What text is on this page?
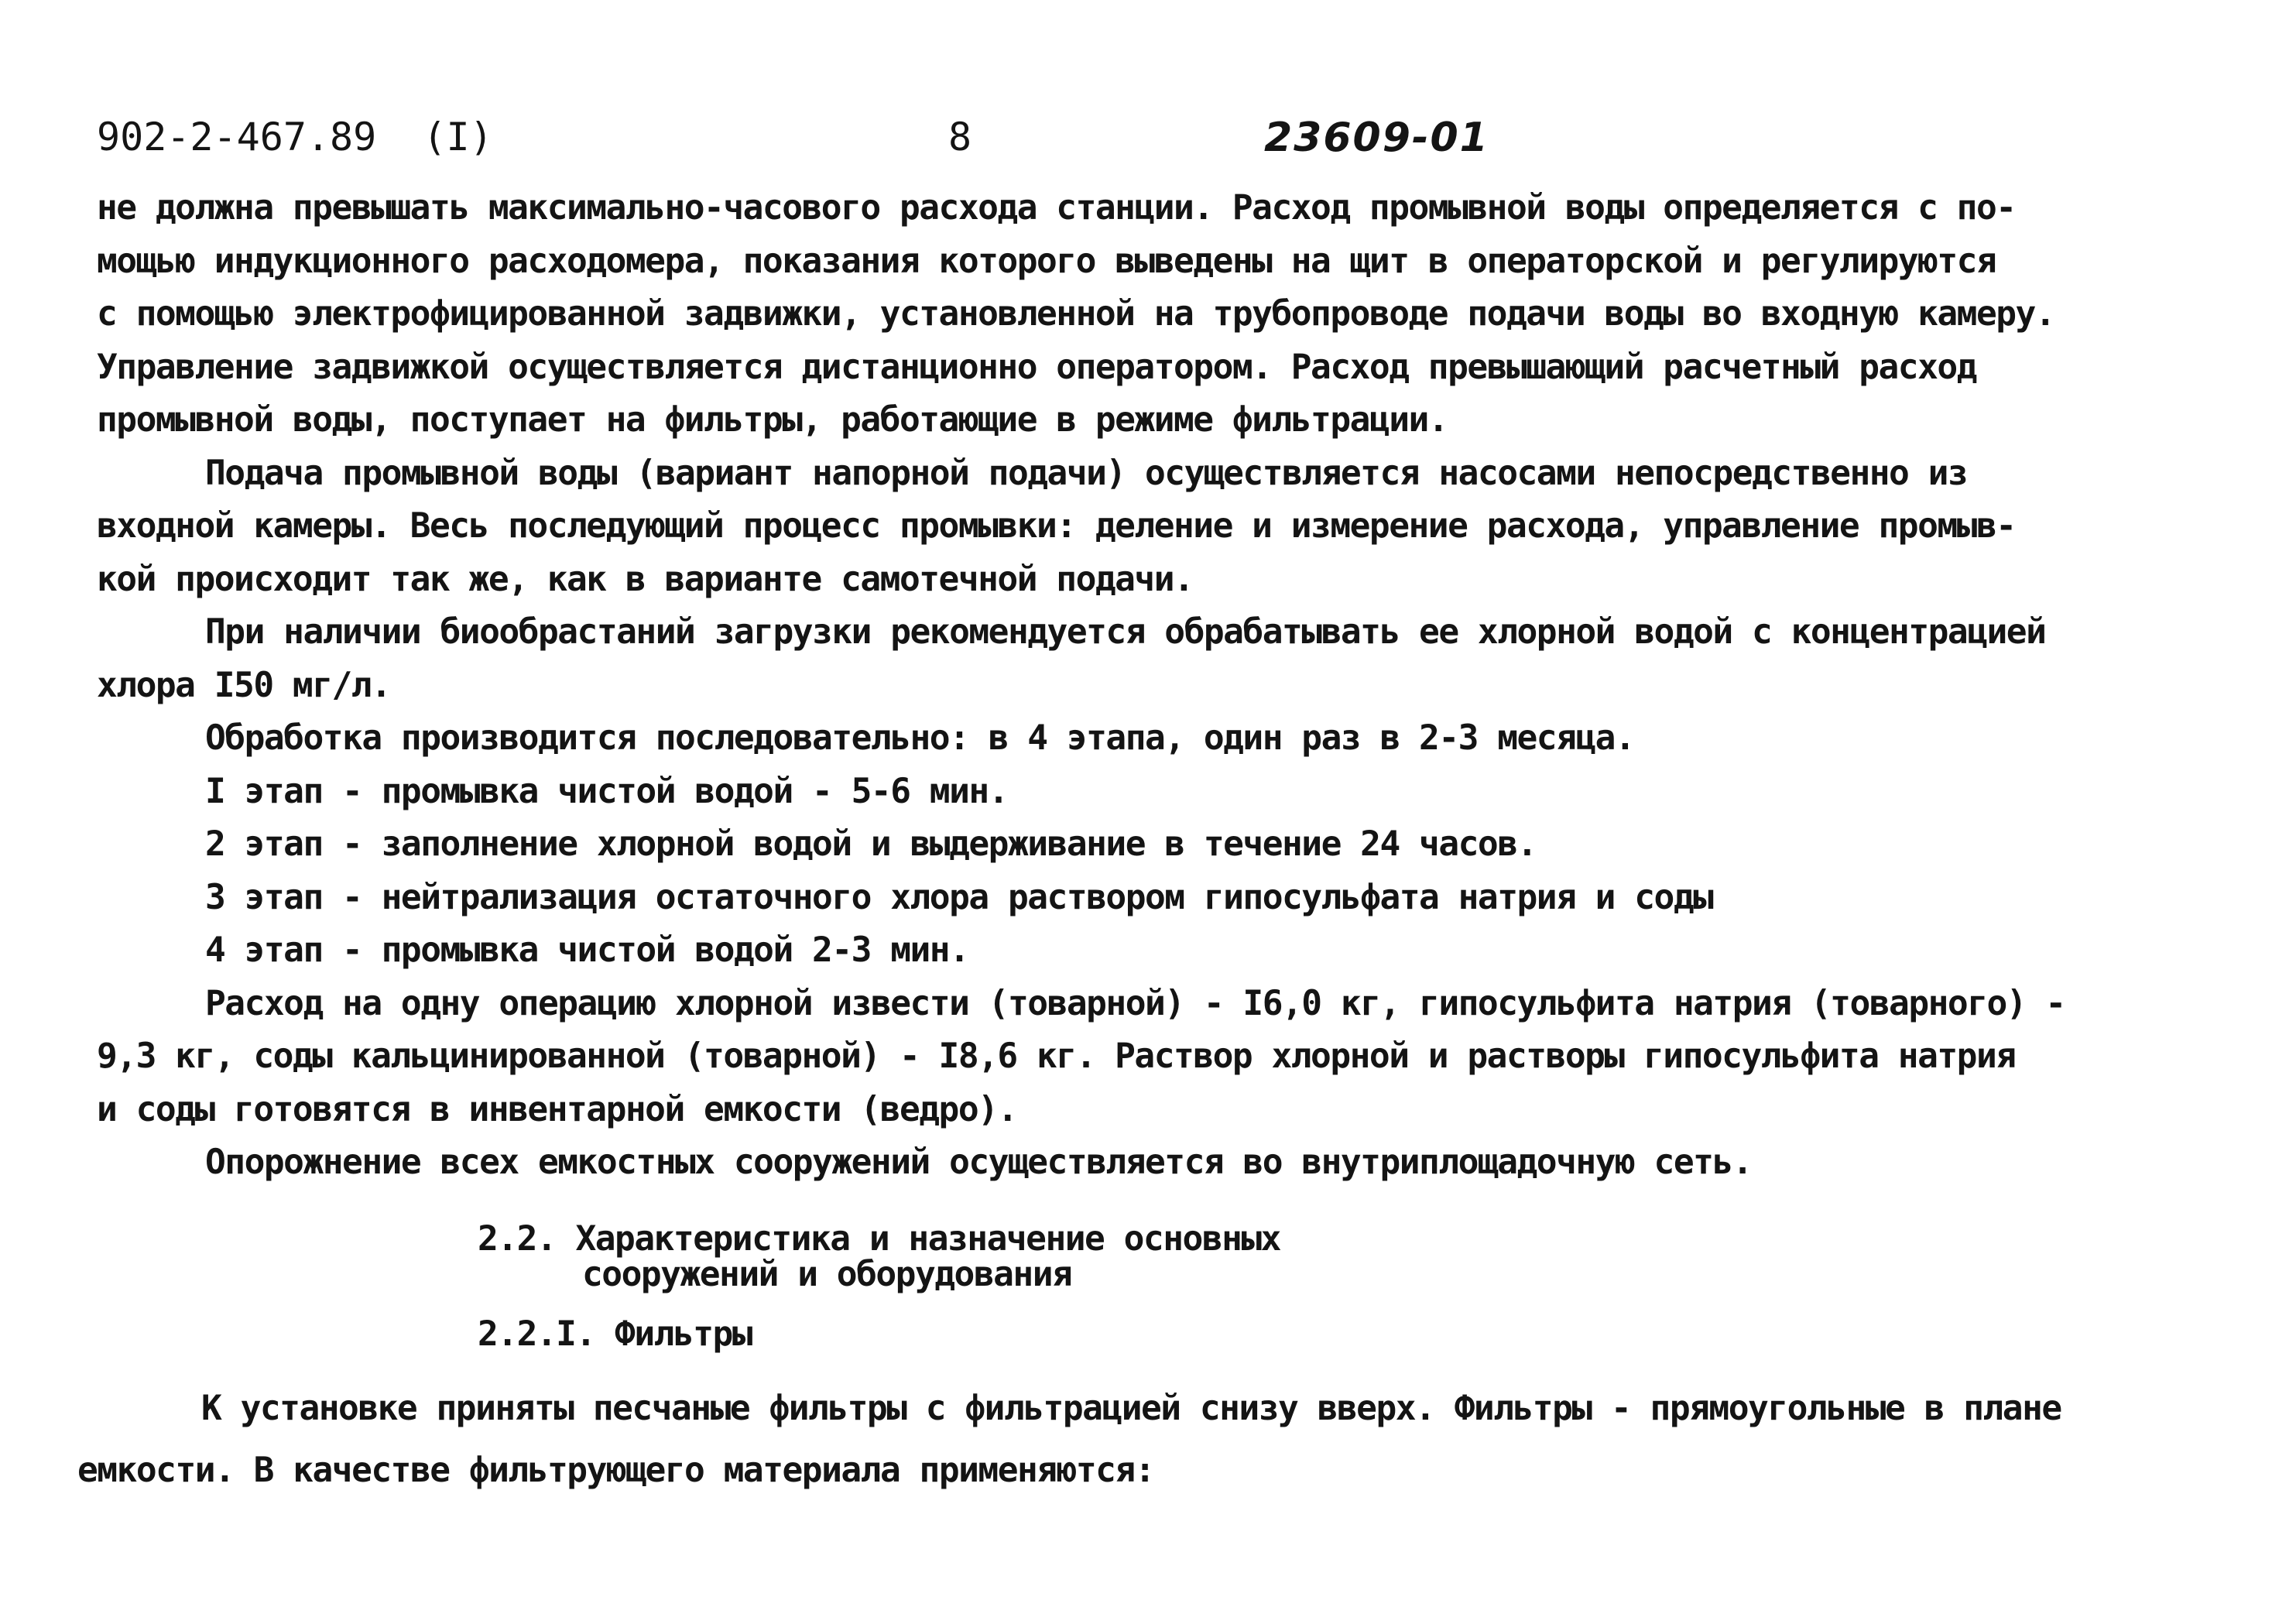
902-2-467.89  (I)	8	23609-01
не должна превышать максимально-часового расхода станции. Расход промывной воды определяется с по-
мощью индукционного расходомера, показания которого выведены на щит в операторской и регулируются
с помощью электрофицированной задвижки, установленной на трубопроводе подачи воды во входную камеру.
Управление задвижкой осуществляется дистанционно оператором. Расход превышающий расчетный расход
промывной воды, поступает на фильтры, работающие в режиме фильтрации.
Подача промывной воды (вариант напорной подачи) осуществляется насосами непосредственно из
входной камеры. Весь последующий процесс промывки: деление и измерение расхода, управление промыв-
кой происходит так же, как в варианте самотечной подачи.
При наличии биообрастаний загрузки рекомендуется обрабатывать ее хлорной водой с концентрацией
хлора I50 мг/л.
Обработка производится последовательно: в 4 этапа, один раз в 2-3 месяца.
I этап - промывка чистой водой - 5-6 мин.
2 этап - заполнение хлорной водой и выдерживание в течение 24 часов.
3 этап - нейтрализация остаточного хлора раствором гипосульфата натрия и соды
4 этап - промывка чистой водой 2-3 мин.
Расход на одну операцию хлорной извести (товарной) - I6,0 кг, гипосульфита натрия (товарного) -
9,3 кг, соды кальцинированной (товарной) - I8,6 кг. Раствор хлорной и растворы гипосульфита натрия
и соды готовятся в инвентарной емкости (ведро).
Опорожнение всех емкостных сооружений осуществляется во внутриплощадочную сеть.
2.2. Характеристика и назначение основных
сооружений и оборудования
2.2.I. Фильтры
К установке приняты песчаные фильтры с фильтрацией снизу вверх. Фильтры - прямоугольные в плане
емкости. В качестве фильтрующего материала применяются:
